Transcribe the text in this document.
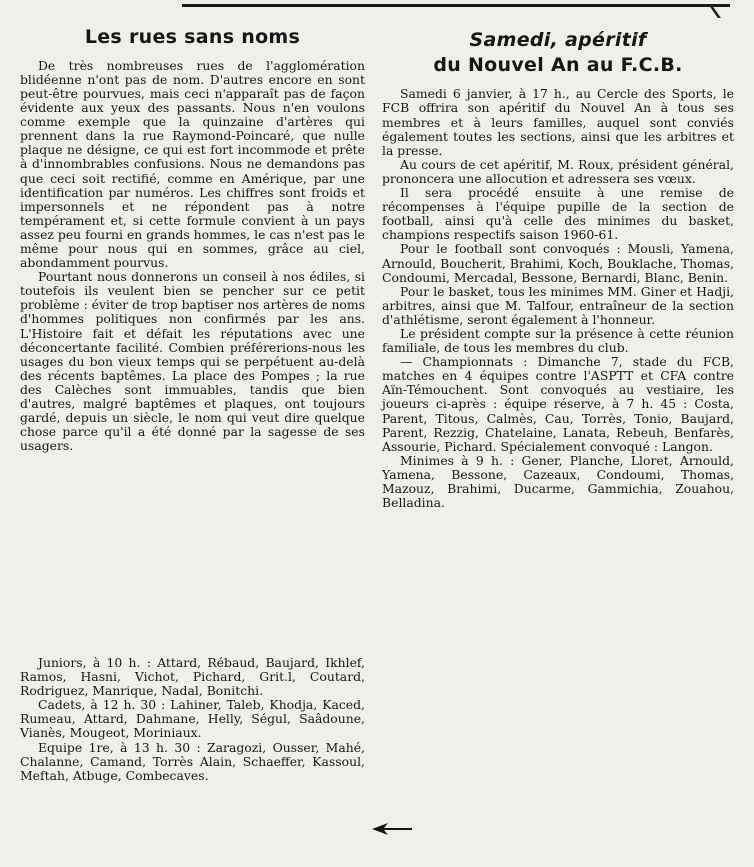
Les rues sans noms

De très nombreuses rues de l'agglomération blidéenne n'ont pas de nom. D'autres encore en sont peut-être pourvues, mais ceci n'apparaît pas de façon évidente aux yeux des passants. Nous n'en voulons comme exemple que la quinzaine d'artères qui prennent dans la rue Raymond-Poincaré, que nulle plaque ne désigne, ce qui est fort incommode et prête à d'innombrables confusions. Nous ne demandons pas que ceci soit rectifié, comme en Amérique, par une identification par numéros. Les chiffres sont froids et impersonnels et ne répondent pas à notre tempérament et, si cette formule convient à un pays assez peu fourni en grands hommes, le cas n'est pas le même pour nous qui en sommes, grâce au ciel, abondamment pourvus.

Pourtant nous donnerons un conseil à nos édiles, si toutefois ils veulent bien se pencher sur ce petit problème : éviter de trop baptiser nos artères de noms d'hommes politiques non confirmés par les ans. L'Histoire fait et défait les réputations avec une déconcertante facilité. Combien préférerions-nous les usages du bon vieux temps qui se perpétuent au-delà des récents baptêmes. La place des Pompes ; la rue des Calèches sont immuables, tandis que bien d'autres, malgré baptêmes et plaques, ont toujours gardé, depuis un siècle, le nom qui veut dire quelque chose parce qu'il a été donné par la sagesse de ses usagers.

Juniors, à 10 h. : Attard, Rébaud, Baujard, Ikhlef, Ramos, Hasni, Vichot, Pichard, Grit.l, Coutard, Rodriguez, Manrique, Nadal, Bonitchi.

Cadets, à 12 h. 30 : Lahiner, Taleb, Khodja, Kaced, Rumeau, Attard, Dahmane, Helly, Ségul, Saâdoune, Vianès, Mougeot, Moriniaux.

Equipe 1re, à 13 h. 30 : Zaragozi, Ousser, Mahé, Chalanne, Camand, Torrès Alain, Schaeffer, Kassoul, Meftah, Atbuge, Combecaves.

Samedi, apéritif
du Nouvel An au F.C.B.

Samedi 6 janvier, à 17 h., au Cercle des Sports, le FCB offrira son apéritif du Nouvel An à tous ses membres et à leurs familles, auquel sont conviés également toutes les sections, ainsi que les arbitres et la presse.

Au cours de cet apéritif, M. Roux, président général, prononcera une allocution et adressera ses vœux.

Il sera procédé ensuite à une remise de récompenses à l'équipe pupille de la section de football, ainsi qu'à celle des minimes du basket, champions respectifs saison 1960-61.

Pour le football sont convoqués : Mousli, Yamena, Arnould, Boucherit, Brahimi, Koch, Bouklache, Thomas, Condoumi, Mercadal, Bessone, Bernardi, Blanc, Benin.

Pour le basket, tous les minimes MM. Giner et Hadji, arbitres, ainsi que M. Talfour, entraîneur de la section d'athlétisme, seront également à l'honneur.

Le président compte sur la présence à cette réunion familiale, de tous les membres du club.

— Championnats : Dimanche 7, stade du FCB, matches en 4 équipes contre l'ASPTT et CFA contre Aïn-Témouchent. Sont convoqués au vestiaire, les joueurs ci-après : équipe réserve, à 7 h. 45 : Costa, Parent, Titous, Calmès, Cau, Torrès, Tonio, Baujard, Parent, Rezzig, Chatelaine, Lanata, Rebeuh, Benfarès, Assourie, Pichard. Spécialement convoqué : Langon.

Minimes à 9 h. : Gener, Planche, Lloret, Arnould, Yamena, Bessone, Cazeaux, Condoumi, Thomas, Mazouz, Brahimi, Ducarme, Gammichia, Zouahou, Belladina.
